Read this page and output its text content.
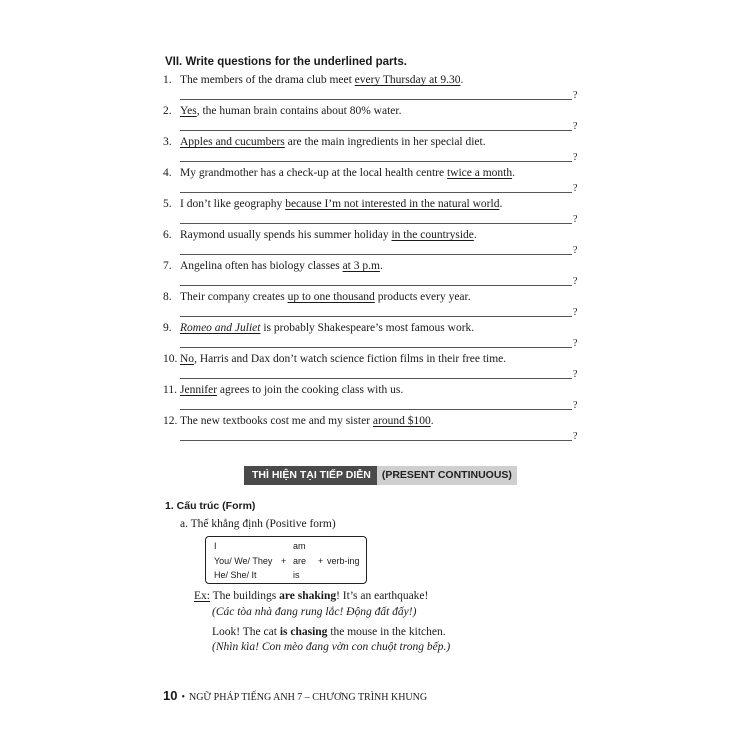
VII. Write questions for the underlined parts.
1. The members of the drama club meet every Thursday at 9.30.
?
2. Yes, the human brain contains about 80% water.
?
3. Apples and cucumbers are the main ingredients in her special diet.
?
4. My grandmother has a check-up at the local health centre twice a month.
?
5. I don’t like geography because I’m not interested in the natural world.
?
6. Raymond usually spends his summer holiday in the countryside.
?
7. Angelina often has biology classes at 3 p.m.
?
8. Their company creates up to one thousand products every year.
?
9. Romeo and Juliet is probably Shakespeare’s most famous work.
?
10. No, Harris and Dax don’t watch science fiction films in their free time.
?
11. Jennifer agrees to join the cooking class with us.
?
12. The new textbooks cost me and my sister around $100.
?
THÌ HIỆN TẠI TIẾP DIỄN	(PRESENT CONTINUOUS)
1. Cấu trúc (Form)
a. Thể khẳng định (Positive form)
I
You/ We/ They
He/ She/ It
+
am
are
is
+ verb-ing
Ex: The buildings are shaking! It’s an earthquake!
(Các tòa nhà đang rung lắc! Động đất đấy!)
Look! The cat is chasing the mouse in the kitchen.
(Nhìn kìa! Con mèo đang vờn con chuột trong bếp.)
10 • NGỮ PHÁP TIẾNG ANH 7 – CHƯƠNG TRÌNH KHUNG
